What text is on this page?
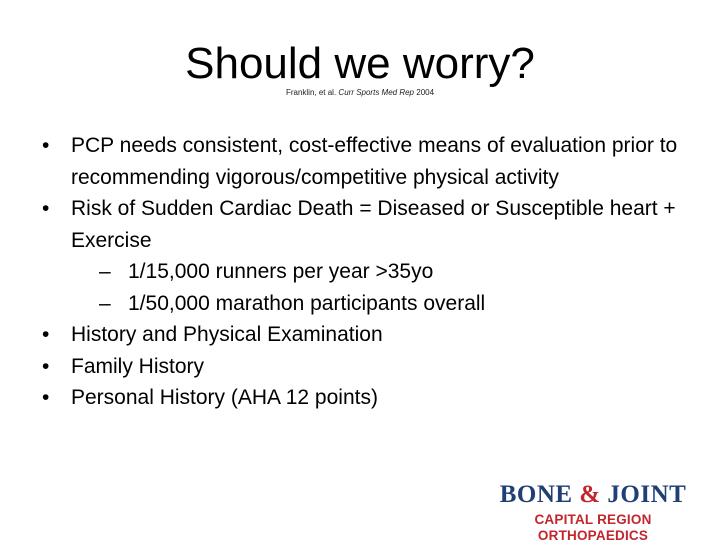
Should we worry?
Franklin, et al. Curr Sports Med Rep 2004
• PCP needs consistent, cost-effective means of evaluation prior to recommending vigorous/competitive physical activity
• Risk of Sudden Cardiac Death = Diseased or Susceptible heart + Exercise
– 1/15,000 runners per year >35yo
– 1/50,000 marathon participants overall
• History and Physical Examination
• Family History
• Personal History (AHA 12 points)
BONE & JOINT
CAPITAL REGION ORTHOPAEDICS
